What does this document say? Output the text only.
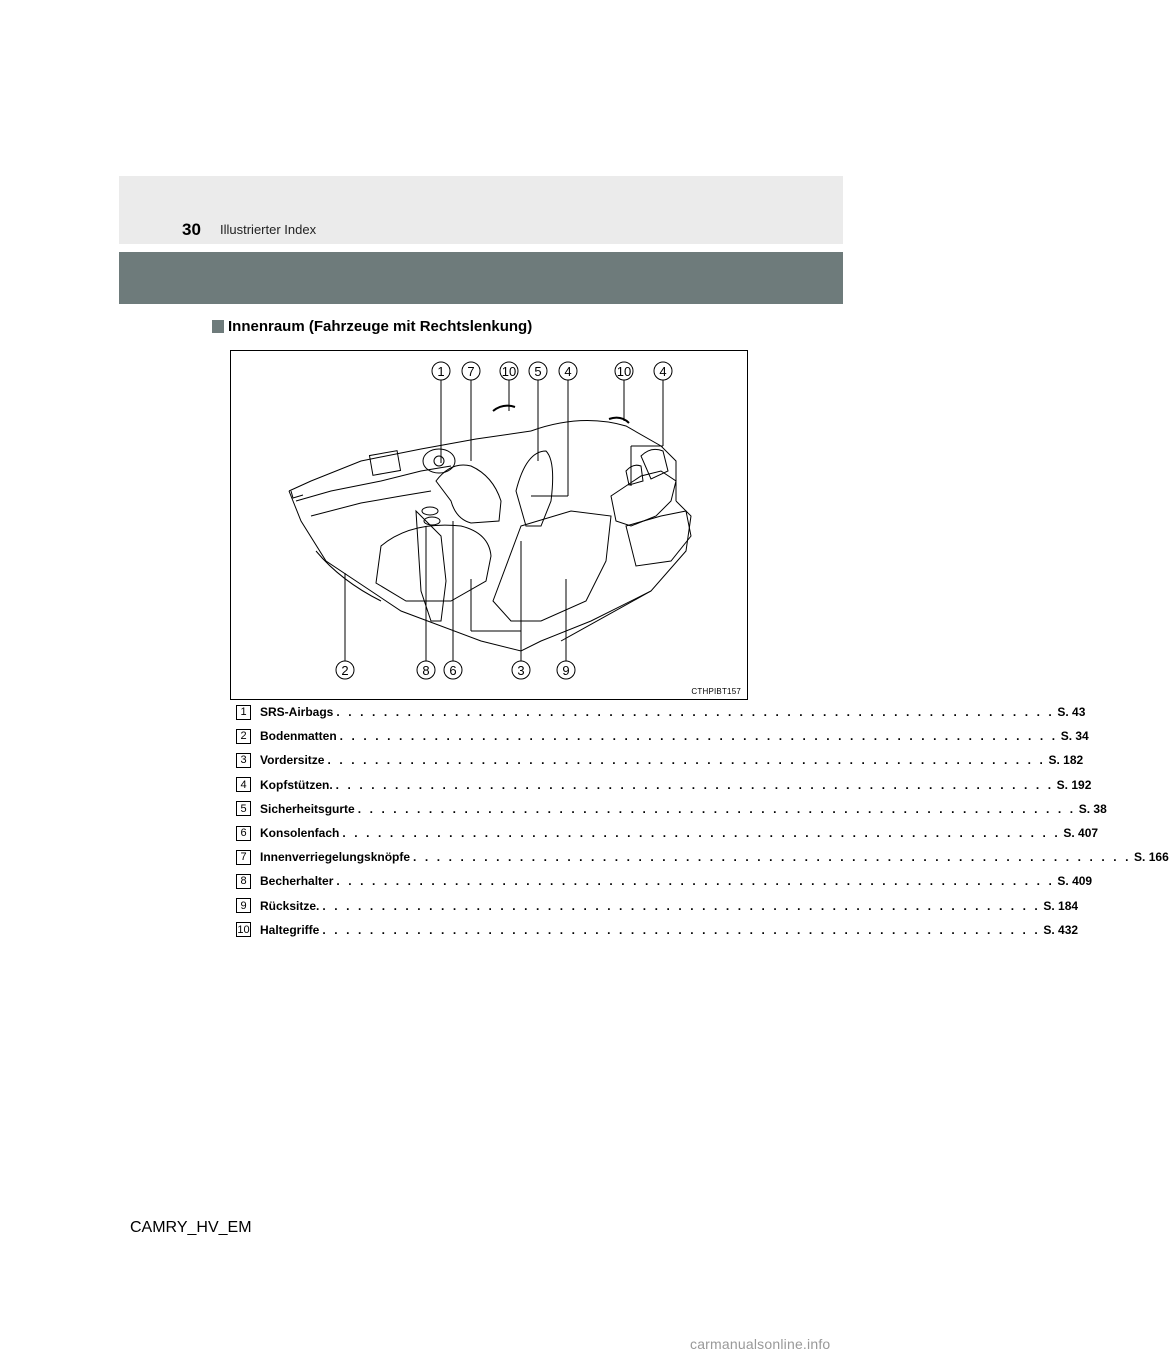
30 Illustrierter Index
Innenraum (Fahrzeuge mit Rechtslenkung)
1 7 10 5 4	10 4
2	8 6	3	9
CTHPIBT157
1	SRS-Airbags . . . . . . . . . . . . . . . . . . . . . . . . . . . . . . . . . . . . . . . . . . . . . . . . . . . . . . . . . . . . . S. 43
2	Bodenmatten . . . . . . . . . . . . . . . . . . . . . . . . . . . . . . . . . . . . . . . . . . . . . . . . . . . . . . . . . . . . . S. 34
3	Vordersitze . . . . . . . . . . . . . . . . . . . . . . . . . . . . . . . . . . . . . . . . . . . . . . . . . . . . . . . . . . . . . S. 182
4	Kopfstützen. . . . . . . . . . . . . . . . . . . . . . . . . . . . . . . . . . . . . . . . . . . . . . . . . . . . . . . . . . . . . . S. 192
5	Sicherheitsgurte . . . . . . . . . . . . . . . . . . . . . . . . . . . . . . . . . . . . . . . . . . . . . . . . . . . . . . . . . . . . . S. 38
6	Konsolenfach . . . . . . . . . . . . . . . . . . . . . . . . . . . . . . . . . . . . . . . . . . . . . . . . . . . . . . . . . . . . . S. 407
7	Innenverriegelungsknöpfe . . . . . . . . . . . . . . . . . . . . . . . . . . . . . . . . . . . . . . . . . . . . . . . . . . . . . . . . . . . . . S. 166
8	Becherhalter . . . . . . . . . . . . . . . . . . . . . . . . . . . . . . . . . . . . . . . . . . . . . . . . . . . . . . . . . . . . . S. 409
9	Rücksitze. . . . . . . . . . . . . . . . . . . . . . . . . . . . . . . . . . . . . . . . . . . . . . . . . . . . . . . . . . . . . . S. 184
10 Haltegriffe . . . . . . . . . . . . . . . . . . . . . . . . . . . . . . . . . . . . . . . . . . . . . . . . . . . . . . . . . . . . . S. 432
CAMRY_HV_EM
carmanualsonline.info
